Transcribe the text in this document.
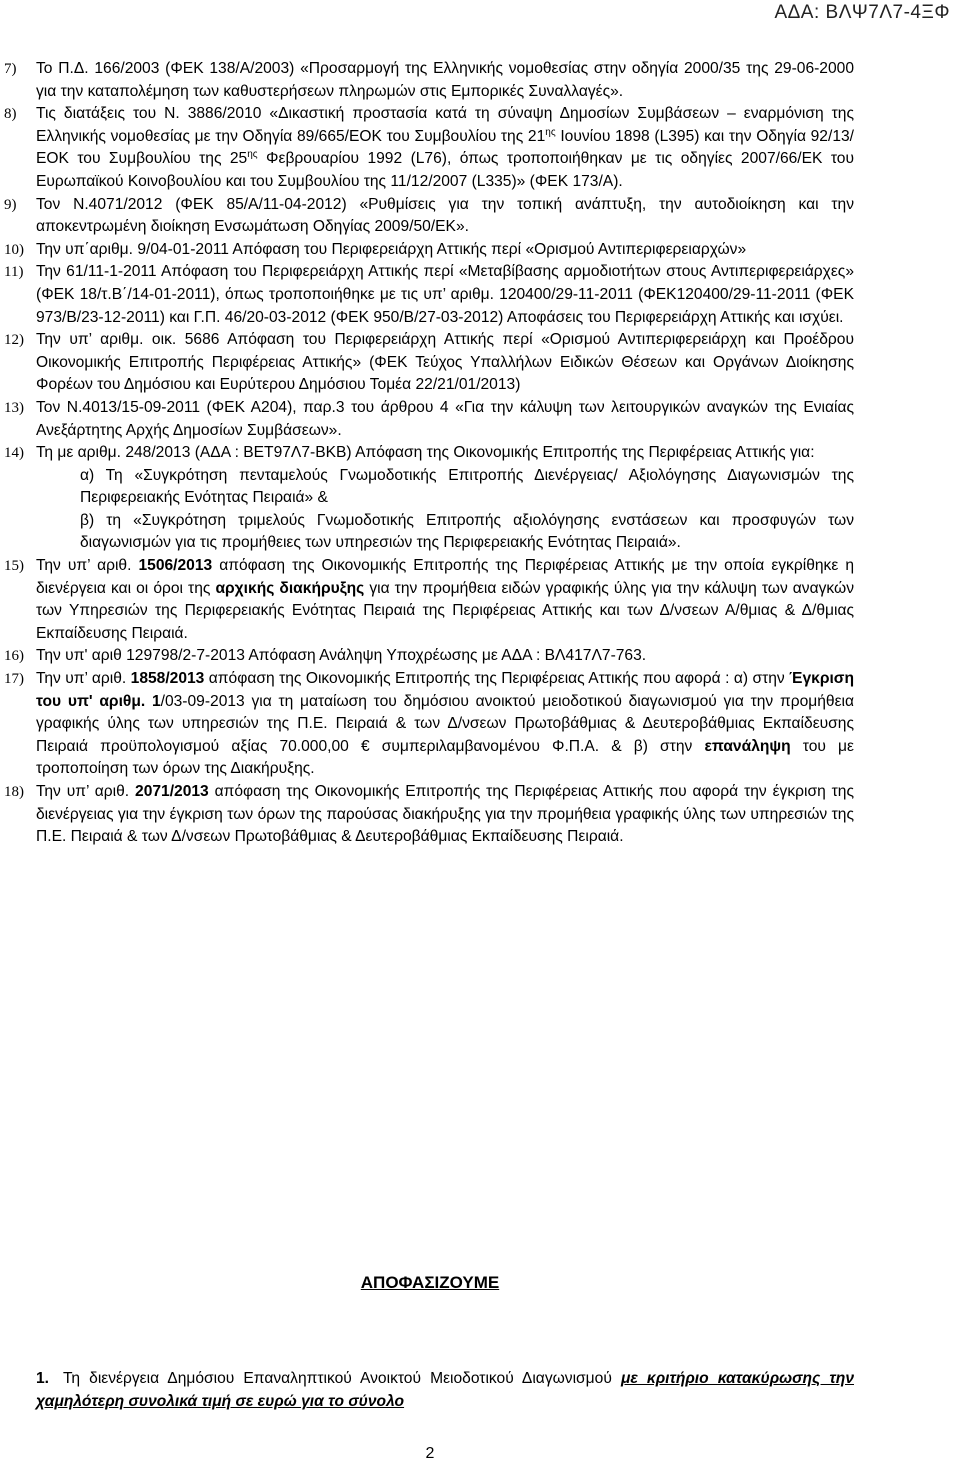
ΑΔΑ: ΒΛΨ7Λ7-4ΞΦ
7)	Το Π.Δ. 166/2003 (ΦΕΚ 138/Α/2003) «Προσαρμογή της Ελληνικής νομοθεσίας στην οδηγία 2000/35 της 29-06-2000 για την καταπολέμηση των καθυστερήσεων πληρωμών στις Εμπορικές Συναλλαγές».
8)	Τις διατάξεις του Ν. 3886/2010 «Δικαστική προστασία κατά τη σύναψη Δημοσίων Συμβάσεων – εναρμόνιση της Ελληνικής νομοθεσίας με την Οδηγία 89/665/ΕΟΚ του Συμβουλίου της $21^{\eta\varsigma}$ Ιουνίου 1898 (L395) και την Οδηγία 92/13/ΕΟΚ του Συμβουλίου της $25^{\eta\varsigma}$ Φεβρουαρίου 1992 (L76), όπως τροποποιήθηκαν με τις οδηγίες 2007/66/ΕΚ του Ευρωπαϊκού Κοινοβουλίου και του Συμβουλίου της 11/12/2007 (L335)» (ΦΕΚ 173/Α).
9)	Τον Ν.4071/2012 (ΦΕΚ 85/Α/11-04-2012) «Ρυθμίσεις για την τοπική ανάπτυξη, την αυτοδιοίκηση και την αποκεντρωμένη διοίκηση Ενσωμάτωση Οδηγίας 2009/50/ΕΚ».
10) Την υπ΄αριθμ. 9/04-01-2011 Απόφαση του Περιφερειάρχη Αττικής περί «Ορισμού Αντιπεριφερειαρχών»
11) Την 61/11-1-2011 Απόφαση του Περιφερειάρχη Αττικής περί «Μεταβίβασης αρμοδιοτήτων στους Αντιπεριφερειάρχες» (ΦΕΚ 18/τ.Β΄/14-01-2011), όπως τροποποιήθηκε με τις υπ’ αριθμ. 120400/29-11-2011 (ΦΕΚ120400/29-11-2011 (ΦΕΚ 973/Β/23-12-2011) και Γ.Π. 46/20-03-2012 (ΦΕΚ 950/Β/27-03-2012) Αποφάσεις του Περιφερειάρχη Αττικής και ισχύει.
12) Την υπ’ αριθμ. οικ. 5686 Απόφαση του Περιφερειάρχη Αττικής περί «Ορισμού Αντιπεριφερειάρχη και Προέδρου Οικονομικής Επιτροπής Περιφέρειας Αττικής» (ΦΕΚ Τεύχος Υπαλλήλων Ειδικών Θέσεων και Οργάνων Διοίκησης Φορέων του Δημόσιου και Ευρύτερου Δημόσιου Τομέα 22/21/01/2013)
13) Τον Ν.4013/15-09-2011 (ΦΕΚ Α204), παρ.3 του άρθρου 4 «Για την κάλυψη των λειτουργικών αναγκών της Ενιαίας Ανεξάρτητης Αρχής Δημοσίων Συμβάσεων».
14) Τη με αριθμ. 248/2013 (ΑΔΑ : ΒΕΤ97Λ7-ΒΚΒ) Απόφαση της Οικονομικής Επιτροπής της Περιφέρειας Αττικής για:
α) Τη «Συγκρότηση πενταμελούς Γνωμοδοτικής Επιτροπής Διενέργειας/ Αξιολόγησης Διαγωνισμών της Περιφερειακής Ενότητας Πειραιά» &
β) τη «Συγκρότηση τριμελούς Γνωμοδοτικής Επιτροπής αξιολόγησης ενστάσεων και προσφυγών των διαγωνισμών για τις προμήθειες των υπηρεσιών της Περιφερειακής Ενότητας Πειραιά».
15) Την υπ’ αριθ. 1506/2013 απόφαση της Οικονομικής Επιτροπής της Περιφέρειας Αττικής με την οποία εγκρίθηκε η διενέργεια και οι όροι της αρχικής διακήρυξης για την προμήθεια ειδών γραφικής ύλης για την κάλυψη των αναγκών των Υπηρεσιών της Περιφερειακής Ενότητας Πειραιά της Περιφέρειας Αττικής και των Δ/νσεων Α/θμιας & Δ/θμιας Εκπαίδευσης Πειραιά.
16) Την υπ' αριθ 129798/2-7-2013 Απόφαση Ανάληψη Υποχρέωσης με ΑΔΑ : ΒΛ417Λ7-763.
17) Την υπ’ αριθ. 1858/2013 απόφαση της Οικονομικής Επιτροπής της Περιφέρειας Αττικής που αφορά : α) στην Έγκριση του υπ' αριθμ. 1/03-09-2013 για τη ματαίωση του δημόσιου ανοικτού μειοδοτικού διαγωνισμού για την προμήθεια γραφικής ύλης των υπηρεσιών της Π.Ε. Πειραιά & των Δ/νσεων Πρωτοβάθμιας & Δευτεροβάθμιας Εκπαίδευσης Πειραιά προϋπολογισμού αξίας 70.000,00 € συμπεριλαμβανομένου Φ.Π.Α. & β) στην επανάληψη του με τροποποίηση των όρων της Διακήρυξης.
18) Την υπ’ αριθ. 2071/2013 απόφαση της Οικονομικής Επιτροπής της Περιφέρειας Αττικής που αφορά την έγκριση της διενέργειας για την έγκριση των όρων της παρούσας διακήρυξης για την προμήθεια γραφικής ύλης των υπηρεσιών της Π.Ε. Πειραιά & των Δ/νσεων Πρωτοβάθμιας & Δευτεροβάθμιας Εκπαίδευσης Πειραιά.
ΑΠΟΦΑΣΙΖΟΥΜΕ
1. Τη διενέργεια Δημόσιου Επαναληπτικού Ανοικτού Μειοδοτικού Διαγωνισμού με κριτήριο κατακύρωσης την χαμηλότερη συνολικά τιμή σε ευρώ για το σύνολο
2
